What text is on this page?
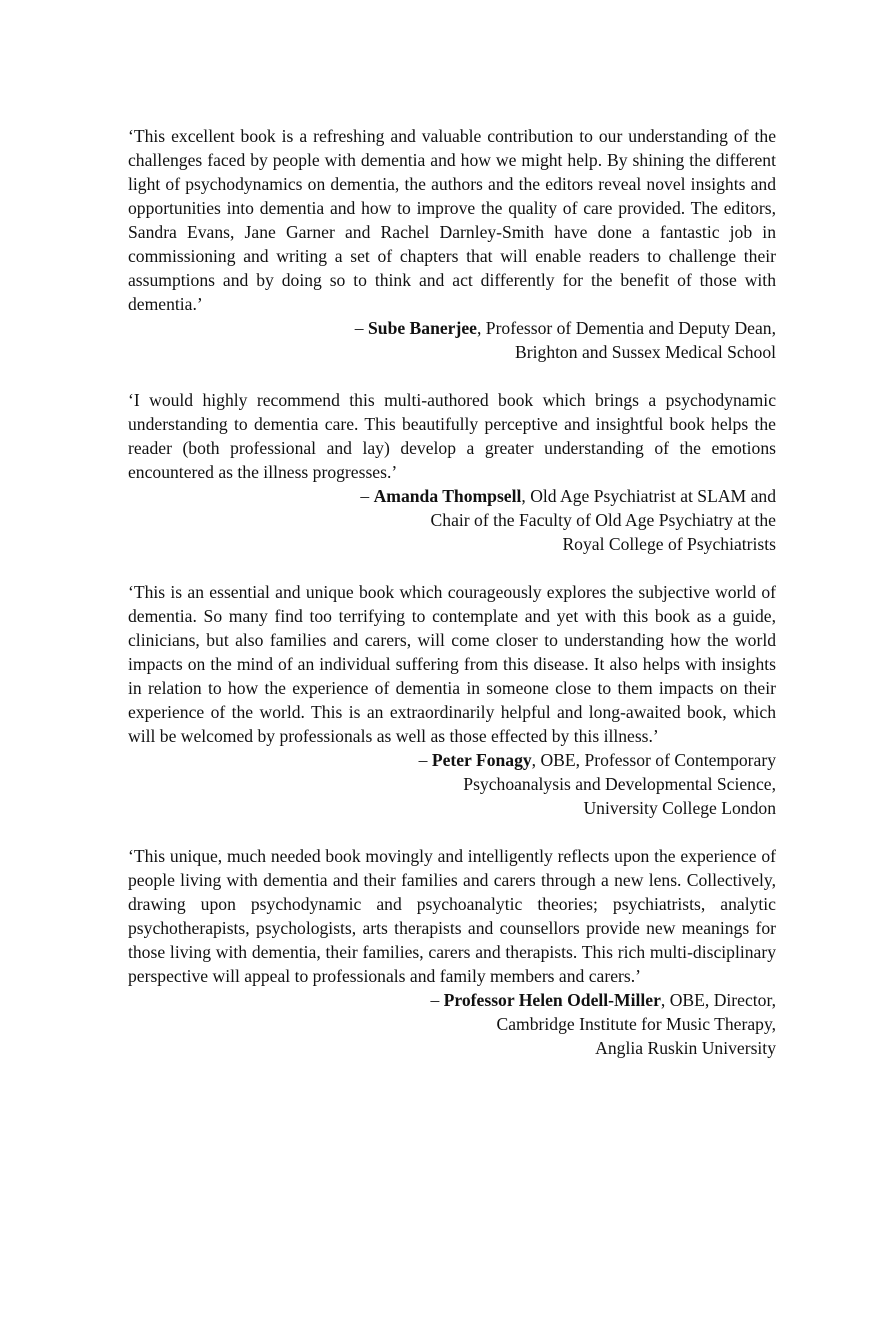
‘This excellent book is a refreshing and valuable contribution to our understanding of the challenges faced by people with dementia and how we might help. By shining the different light of psychodynamics on dementia, the authors and the editors reveal novel insights and opportunities into dementia and how to improve the quality of care provided. The editors, Sandra Evans, Jane Garner and Rachel Darnley-Smith have done a fantastic job in commissioning and writing a set of chapters that will enable readers to challenge their assumptions and by doing so to think and act differently for the benefit of those with dementia.’

– Sube Banerjee, Professor of Dementia and Deputy Dean,
Brighton and Sussex Medical School

‘I would highly recommend this multi-authored book which brings a psychodynamic understanding to dementia care. This beautifully perceptive and insightful book helps the reader (both professional and lay) develop a greater understanding of the emotions encountered as the illness progresses.’

– Amanda Thompsell, Old Age Psychiatrist at SLAM and
Chair of the Faculty of Old Age Psychiatry at the
Royal College of Psychiatrists

‘This is an essential and unique book which courageously explores the subjective world of dementia. So many find too terrifying to contemplate and yet with this book as a guide, clinicians, but also families and carers, will come closer to understanding how the world impacts on the mind of an individual suffering from this disease. It also helps with insights in relation to how the experience of dementia in someone close to them impacts on their experience of the world. This is an extraordinarily helpful and long-awaited book, which will be welcomed by professionals as well as those effected by this illness.’

– Peter Fonagy, OBE, Professor of Contemporary
Psychoanalysis and Developmental Science,
University College London

‘This unique, much needed book movingly and intelligently reflects upon the experience of people living with dementia and their families and carers through a new lens. Collectively, drawing upon psychodynamic and psychoanalytic theories; psychiatrists, analytic psychotherapists, psychologists, arts therapists and counsellors provide new meanings for those living with dementia, their families, carers and therapists. This rich multi-disciplinary perspective will appeal to professionals and family members and carers.’

– Professor Helen Odell-Miller, OBE, Director,
Cambridge Institute for Music Therapy,
Anglia Ruskin University
